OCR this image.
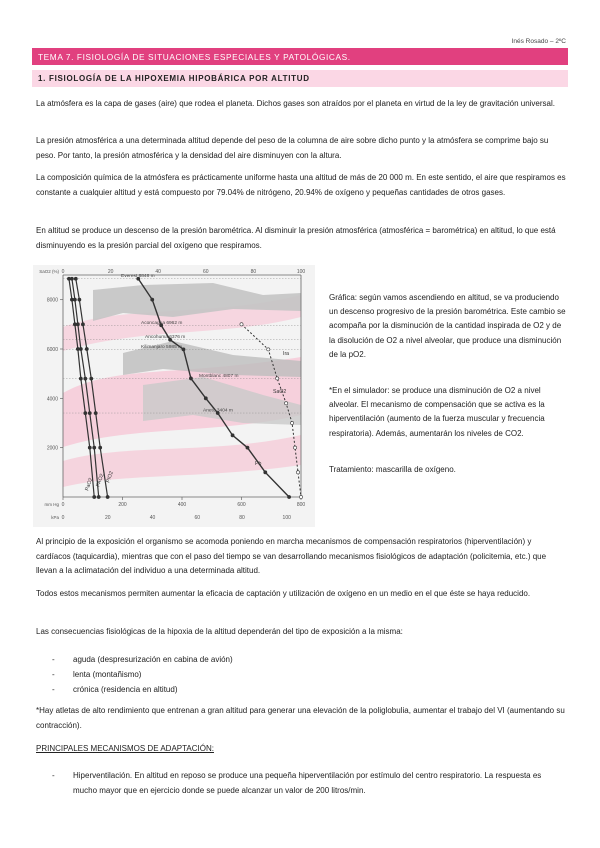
Inés Rosado – 2ºC
TEMA 7. FISIOLOGÍA DE SITUACIONES ESPECIALES Y PATOLÓGICAS.
1. FISIOLOGÍA DE LA HIPOXEMIA HIPOBÁRICA POR ALTITUD

La atmósfera es la capa de gases (aire) que rodea el planeta. Dichos gases son atraídos por el planeta en virtud de la ley de gravitación universal.

La presión atmosférica a una determinada altitud depende del peso de la columna de aire sobre dicho punto y la atmósfera se comprime bajo su peso. Por tanto, la presión atmosférica y la densidad del aire disminuyen con la altura.

La composición química de la atmósfera es prácticamente uniforme hasta una altitud de más de 20 000 m. En este sentido, el aire que respiramos es constante a cualquier altitud y está compuesto por 79.04% de nitrógeno, 20.94% de oxígeno y pequeñas cantidades de otros gases.

En altitud se produce un descenso de la presión barométrica. Al disminuir la presión atmosférica (atmosférica = barométrica) en altitud, lo que está disminuyendo es la presión parcial del oxígeno que respiramos.

8000
6000
4000
2000
0	200	400	600	800
mm Hg
0	20	40	60	80	100
kPa
0	20	40	60	80	100
SaO2 (%)
Everest 8848 m
Aconcagua 6962 m
Ancohuma 6376 m
Kilimanjaro 5985 m
Montblanc 4807 m
Aneto 3404 m
Ira
SaO2
Pb
PIO2
PAO2
PaO2

Gráfica: según vamos ascendiendo en altitud, se va produciendo un descenso progresivo de la presión barométrica. Este cambio se acompaña por la disminución de la cantidad inspirada de O2 y de la disolución de O2 a nivel alveolar, que produce una disminución de la pO2.

*En el simulador: se produce una disminución de O2 a nivel alveolar. El mecanismo de compensación que se activa es la hiperventilación (aumento de la fuerza muscular y frecuencia respiratoria). Además, aumentarán los niveles de CO2.

Tratamiento: mascarilla de oxígeno.

Al principio de la exposición el organismo se acomoda poniendo en marcha mecanismos de compensación respiratorios (hiperventilación) y cardíacos (taquicardia), mientras que con el paso del tiempo se van desarrollando mecanismos fisiológicos de adaptación (policitemia, etc.) que llevan a la aclimatación del individuo a una determinada altitud.

Todos estos mecanismos permiten aumentar la eficacia de captación y utilización de oxígeno en un medio en el que éste se haya reducido.

Las consecuencias fisiológicas de la hipoxia de la altitud dependerán del tipo de exposición a la misma:

- aguda (despresurización en cabina de avión)
- lenta (montañismo)
- crónica (residencia en altitud)

*Hay atletas de alto rendimiento que entrenan a gran altitud para generar una elevación de la poliglobulia, aumentar el trabajo del VI (aumentando su contracción).

PRINCIPALES MECANISMOS DE ADAPTACIÓN:
- Hiperventilación. En altitud en reposo se produce una pequeña hiperventilación por estímulo del centro respiratorio. La respuesta es mucho mayor que en ejercicio donde se puede alcanzar un valor de 200 litros/min.
